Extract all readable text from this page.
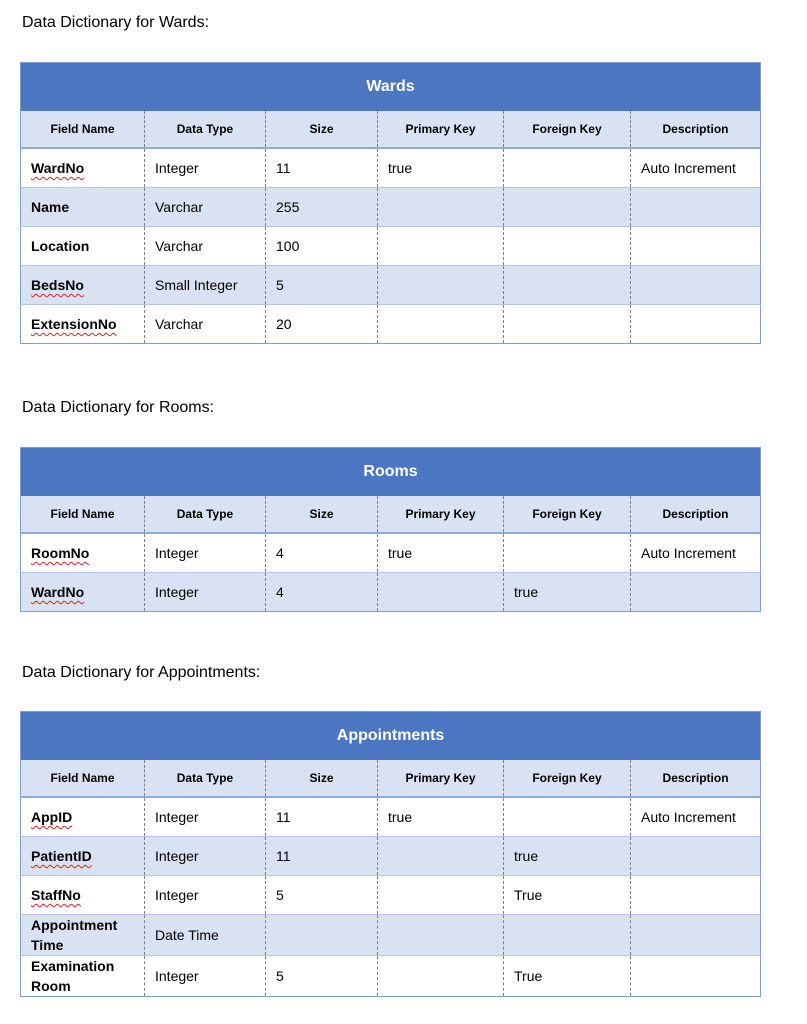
Data Dictionary for Wards:
Wards					
Field Name	Data Type	Size	Primary Key	Foreign Key	Description
WardNo	Integer	11	true		Auto Increment
Name	Varchar	255			
Location	Varchar	100			
BedsNo	Small Integer	5			
ExtensionNo	Varchar	20			
Data Dictionary for Rooms:
Rooms					
Field Name	Data Type	Size	Primary Key	Foreign Key	Description
RoomNo	Integer	4	true		Auto Increment
WardNo	Integer	4		true	
Data Dictionary for Appointments:
Appointments					
Field Name	Data Type	Size	Primary Key	Foreign Key	Description
AppID	Integer	11	true		Auto Increment
PatientID	Integer	11		true	
StaffNo	Integer	5		True	
Appointment Time	Date Time				
Examination Room	Integer	5		True	
